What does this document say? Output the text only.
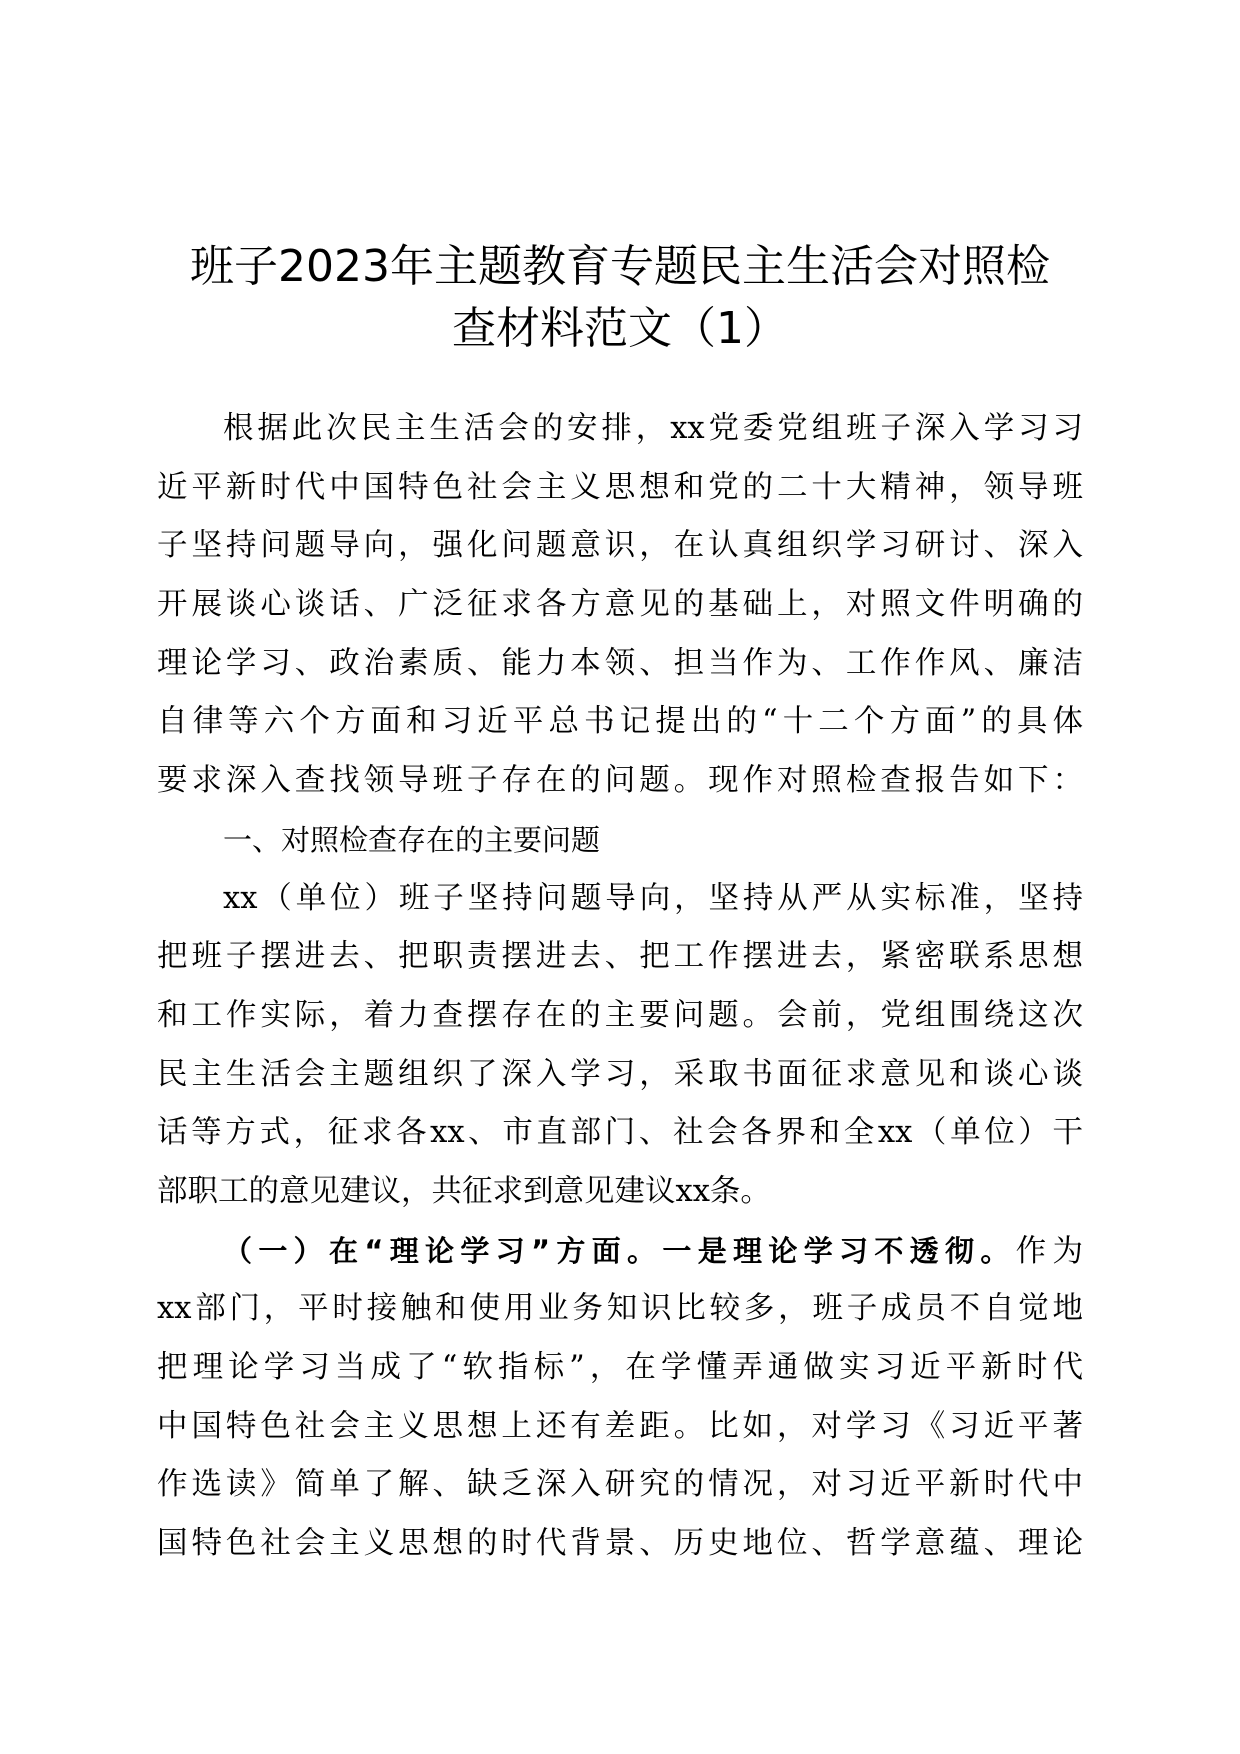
班子2023年主题教育专题民主生活会对照检
查材料范文（1）
根据此次民主生活会的安排，xx党委党组班子深入学习习
近平新时代中国特色社会主义思想和党的二十大精神，领导班
子坚持问题导向，强化问题意识，在认真组织学习研讨、深入
开展谈心谈话、广泛征求各方意见的基础上，对照文件明确的
理论学习、政治素质、能力本领、担当作为、工作作风、廉洁
自律等六个方面和习近平总书记提出的“十二个方面”的具体
要求深入查找领导班子存在的问题。现作对照检查报告如下：
一、对照检查存在的主要问题
xx（单位）班子坚持问题导向，坚持从严从实标准，坚持
把班子摆进去、把职责摆进去、把工作摆进去，紧密联系思想
和工作实际，着力查摆存在的主要问题。会前，党组围绕这次
民主生活会主题组织了深入学习，采取书面征求意见和谈心谈
话等方式，征求各xx、市直部门、社会各界和全xx（单位）干
部职工的意见建议，共征求到意见建议xx条。
（一）在“理论学习”方面。一是理论学习不透彻。作为
xx部门，平时接触和使用业务知识比较多，班子成员不自觉地
把理论学习当成了“软指标”，在学懂弄通做实习近平新时代
中国特色社会主义思想上还有差距。比如，对学习《习近平著
作选读》简单了解、缺乏深入研究的情况，对习近平新时代中
国特色社会主义思想的时代背景、历史地位、哲学意蕴、理论
